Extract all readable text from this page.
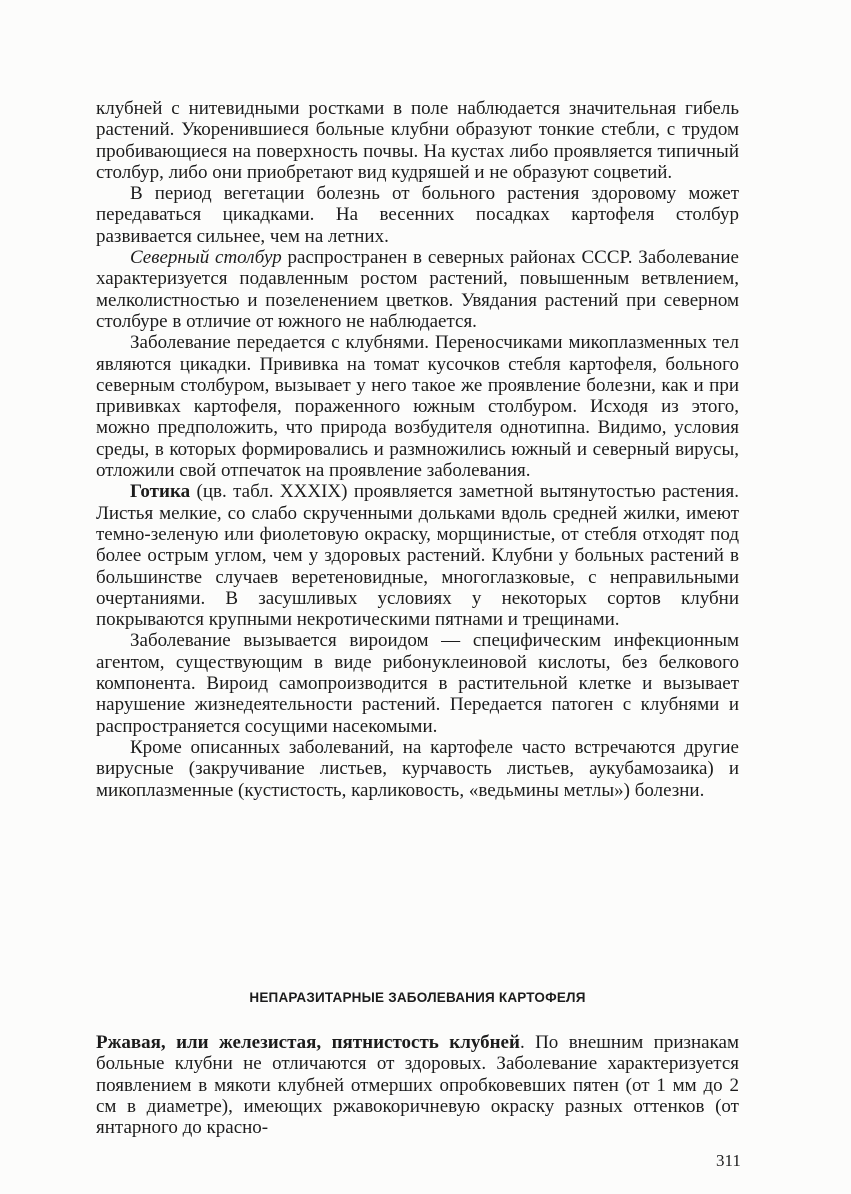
клубней с нитевидными ростками в поле наблюдается значительная гибель растений. Укоренившиеся больные клубни образуют тонкие стебли, с трудом пробивающиеся на поверхность почвы. На кустах либо проявляется типичный столбур, либо они приобретают вид кудряшей и не образуют соцветий.

В период вегетации болезнь от больного растения здоровому может передаваться цикадками. На весенних посадках картофеля столбур развивается сильнее, чем на летних.

Северный столбур распространен в северных районах СССР. Заболевание характеризуется подавленным ростом растений, повышенным ветвлением, мелколистностью и позеленением цветков. Увядания растений при северном столбуре в отличие от южного не наблюдается.

Заболевание передается с клубнями. Переносчиками микоплазменных тел являются цикадки. Прививка на томат кусочков стебля картофеля, больного северным столбуром, вызывает у него такое же проявление болезни, как и при прививках картофеля, пораженного южным столбуром. Исходя из этого, можно предположить, что природа возбудителя однотипна. Видимо, условия среды, в которых формировались и размножились южный и северный вирусы, отложили свой отпечаток на проявление заболевания.

Готика (цв. табл. XXXIX) проявляется заметной вытянутостью растения. Листья мелкие, со слабо скрученными дольками вдоль средней жилки, имеют темно-зеленую или фиолетовую окраску, морщинистые, от стебля отходят под более острым углом, чем у здоровых растений. Клубни у больных растений в большинстве случаев веретеновидные, многоглазковые, с неправильными очертаниями. В засушливых условиях у некоторых сортов клубни покрываются крупными некротическими пятнами и трещинами.

Заболевание вызывается вироидом — специфическим инфекционным агентом, существующим в виде рибонуклеиновой кислоты, без белкового компонента. Вироид самопроизводится в растительной клетке и вызывает нарушение жизнедеятельности растений. Передается патоген с клубнями и распространяется сосущими насекомыми.

Кроме описанных заболеваний, на картофеле часто встречаются другие вирусные (закручивание листьев, курчавость листьев, аукубамозаика) и микоплазменные (кустистость, карликовость, «ведьмины метлы») болезни.

НЕПАРАЗИТАРНЫЕ ЗАБОЛЕВАНИЯ КАРТОФЕЛЯ

Ржавая, или железистая, пятнистость клубней. По внешним признакам больные клубни не отличаются от здоровых. Заболевание характеризуется появлением в мякоти клубней отмерших опробковевших пятен (от 1 мм до 2 см в диаметре), имеющих ржавокоричневую окраску разных оттенков (от янтарного до красно-

311
